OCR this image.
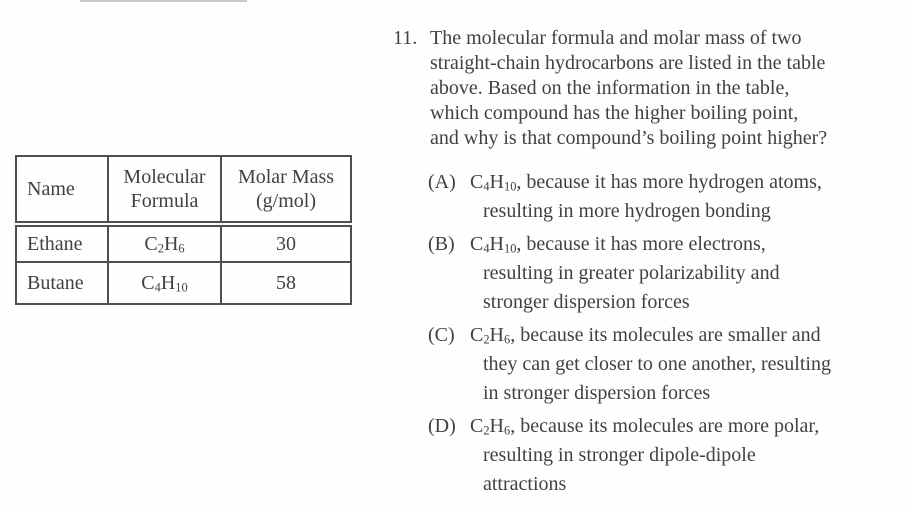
Name	Molecular Formula	Molar Mass (g/mol)
Ethane	$C_2H_6$	30
Butane	$C_4H_{10}$	58
11. The molecular formula and molar mass of two
straight-chain hydrocarbons are listed in the table
above. Based on the information in the table,
which compound has the higher boiling point,
and why is that compound’s boiling point higher?
(A) $C_4H_{10}$, because it has more hydrogen atoms,
resulting in more hydrogen bonding
(B) $C_4H_{10}$, because it has more electrons,
resulting in greater polarizability and
stronger dispersion forces
(C) $C_2H_6$, because its molecules are smaller and
they can get closer to one another, resulting
in stronger dispersion forces
(D) $C_2H_6$, because its molecules are more polar,
resulting in stronger dipole-dipole
attractions
